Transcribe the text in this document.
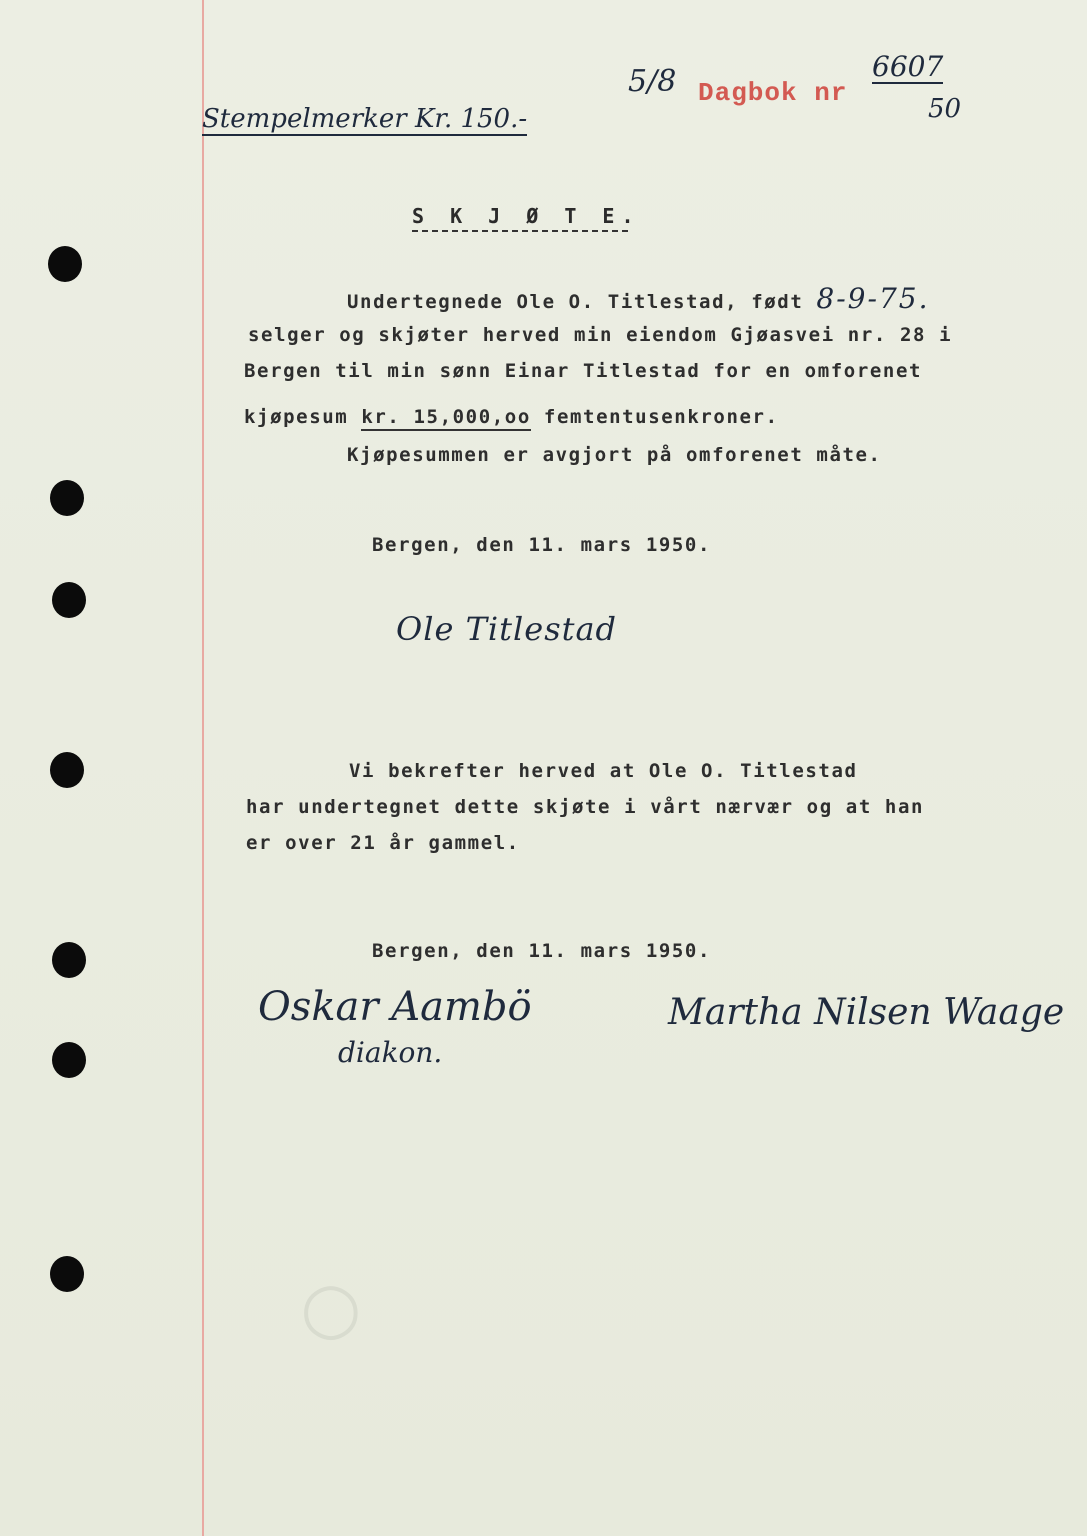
○
Stempelmerker Kr. 150.-
5/8 Dagbok nr
6607
50
S K J Ø T E.
Undertegnede Ole O. Titlestad, født 8-9-75.
selger og skjøter herved min eiendom Gjøasvei nr. 28 i
Bergen til min sønn Einar Titlestad for en omforenet
kjøpesum kr. 15,000,oo femtentusenkroner.
Kjøpesummen er avgjort på omforenet måte.
Bergen, den 11. mars 1950.
Ole Titlestad
Vi bekrefter herved at Ole O. Titlestad
har undertegnet dette skjøte i vårt nærvær og at han
er over 21 år gammel.
Bergen, den 11. mars 1950.
Oskar Aambö
diakon.
Martha Nilsen Waage
